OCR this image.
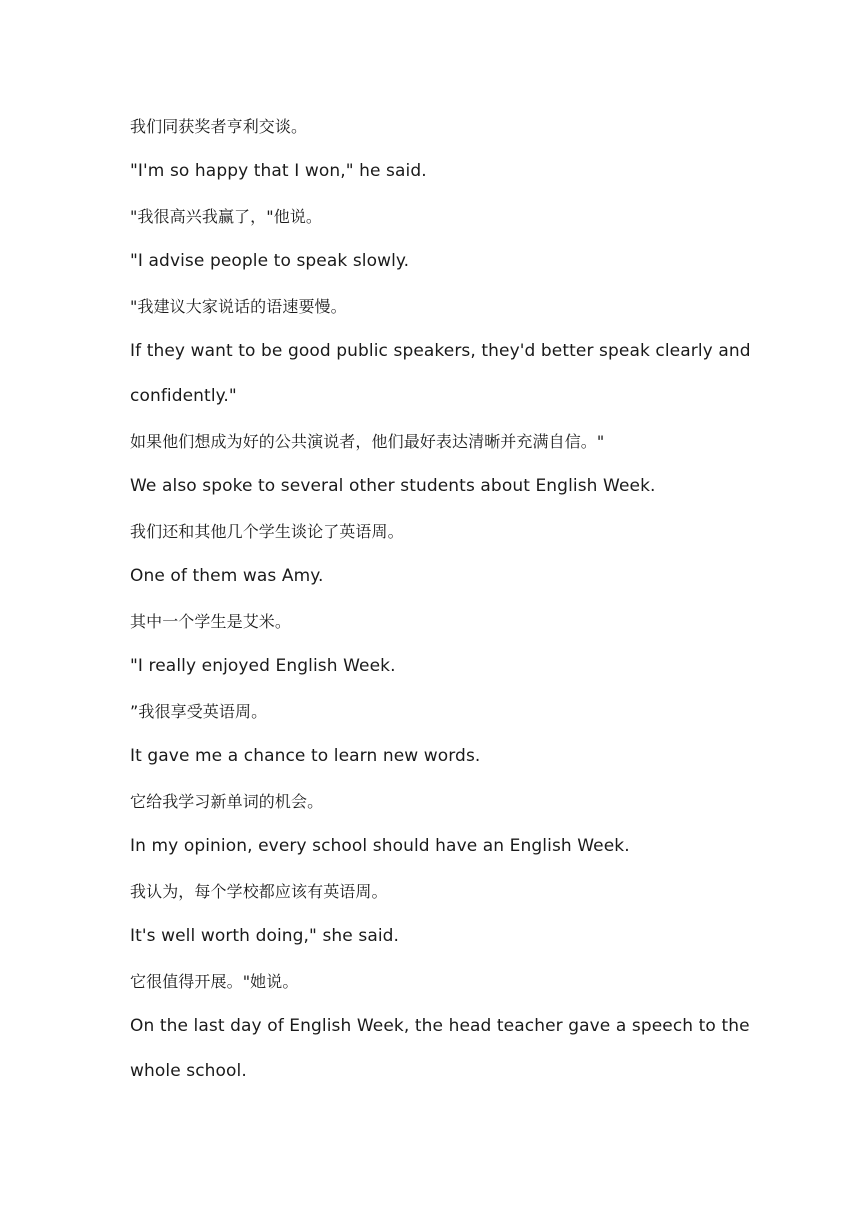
我们同获奖者亨利交谈。
"I'm so happy that I won," he said.
"我很高兴我赢了，"他说。
"I advise people to speak slowly.
"我建议大家说话的语速要慢。
If they want to be good public speakers, they'd better speak clearly and
confidently."
如果他们想成为好的公共演说者，他们最好表达清晰并充满自信。"
We also spoke to several other students about English Week.
我们还和其他几个学生谈论了英语周。
One of them was Amy.
其中一个学生是艾米。
"I really enjoyed English Week.
”我很享受英语周。
It gave me a chance to learn new words.
它给我学习新单词的机会。
In my opinion, every school should have an English Week.
我认为，每个学校都应该有英语周。
It's well worth doing," she said.
它很值得开展。"她说。
On the last day of English Week, the head teacher gave a speech to the
whole school.
